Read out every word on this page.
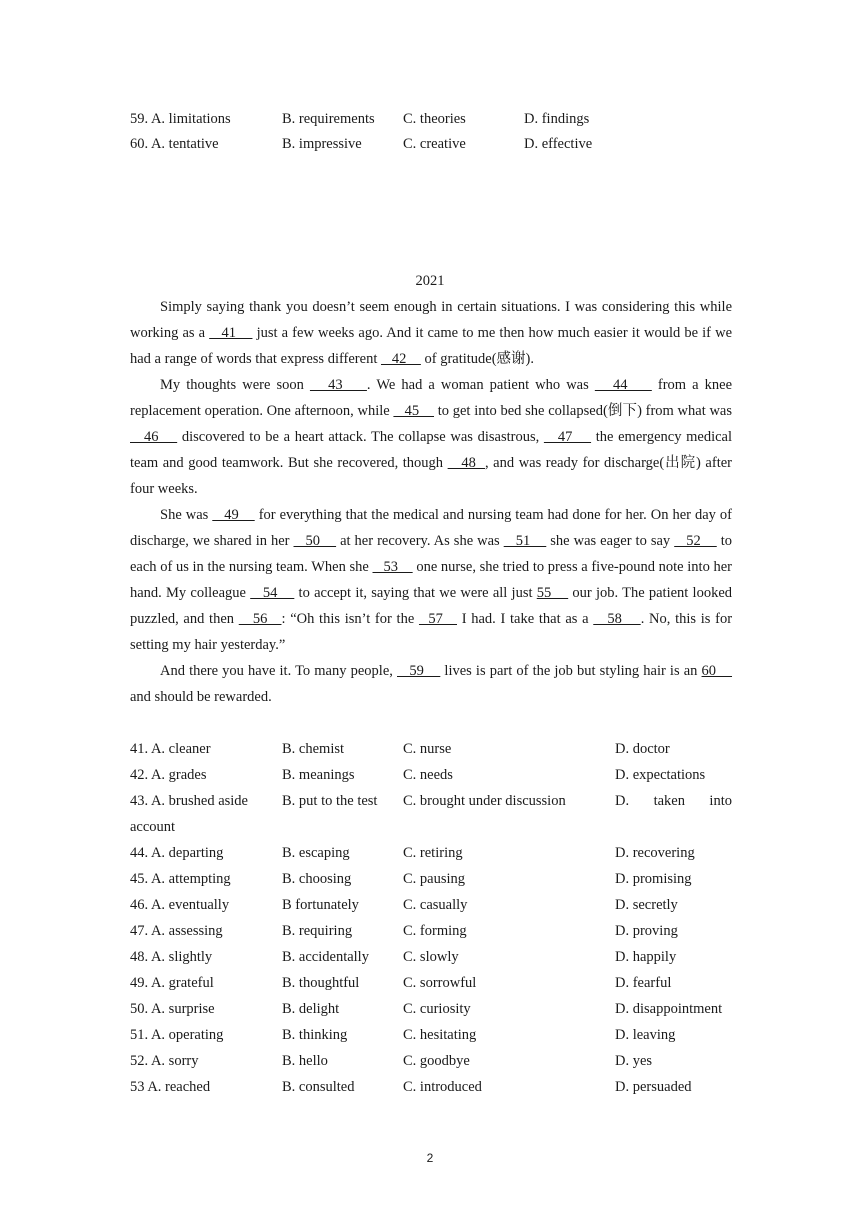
59. A. limitations	B. requirements C. theories	D. findings
60. A. tentative	B. impressive	C. creative	D. effective
2021

Simply saying thank you doesn’t seem enough in certain situations. I was considering this while working as a    41     just a few weeks ago. And it came to me then how much easier it would be if we had a range of words that express different    42     of gratitude(感谢).

My thoughts were soon    43    . We had a woman patient who was    44     from a knee replacement operation. One afternoon, while    45     to get into bed she collapsed(倒下) from what was    46     discovered to be a heart attack. The collapse was disastrous,    47     the emergency medical team and good teamwork. But she recovered, though    48  , and was ready for discharge(出院) after four weeks.

She was    49     for everything that the medical and nursing team had done for her. On her day of discharge, we shared in her    50     at her recovery. As she was    51     she was eager to say    52     to each of us in the nursing team. When she    53     one nurse, she tried to press a five-pound note into her hand. My colleague    54     to accept it, saying that we were all just 55     our job. The patient looked puzzled, and then    56   : “Oh this isn’t for the   57    I had. I take that as a    58    . No, this is for setting my hair yesterday.”

And there you have it. To many people,    59     lives is part of the job but styling hair is an 60     and should be rewarded.

41. A. cleaner	B. chemist	C. nurse	D. doctor
42. A. grades	B. meanings	C. needs	D. expectations
43. A. brushed aside B. put to the test C. brought under discussion	D. taken into
account
44. A. departing	B. escaping	C. retiring	D. recovering
45. A. attempting	B. choosing	C. pausing	D. promising
46. A. eventually	B fortunately	C. casually	D. secretly
47. A. assessing	B. requiring	C. forming	D. proving
48. A. slightly	B. accidentally C. slowly	D. happily
49. A. grateful	B. thoughtful	C. sorrowful	D. fearful
50. A. surprise	B. delight	C. curiosity	D. disappointment
51. A. operating	B. thinking	C. hesitating	D. leaving
52. A. sorry	B. hello	C. goodbye	D. yes
53 A. reached	B. consulted	C. introduced	D. persuaded
2
